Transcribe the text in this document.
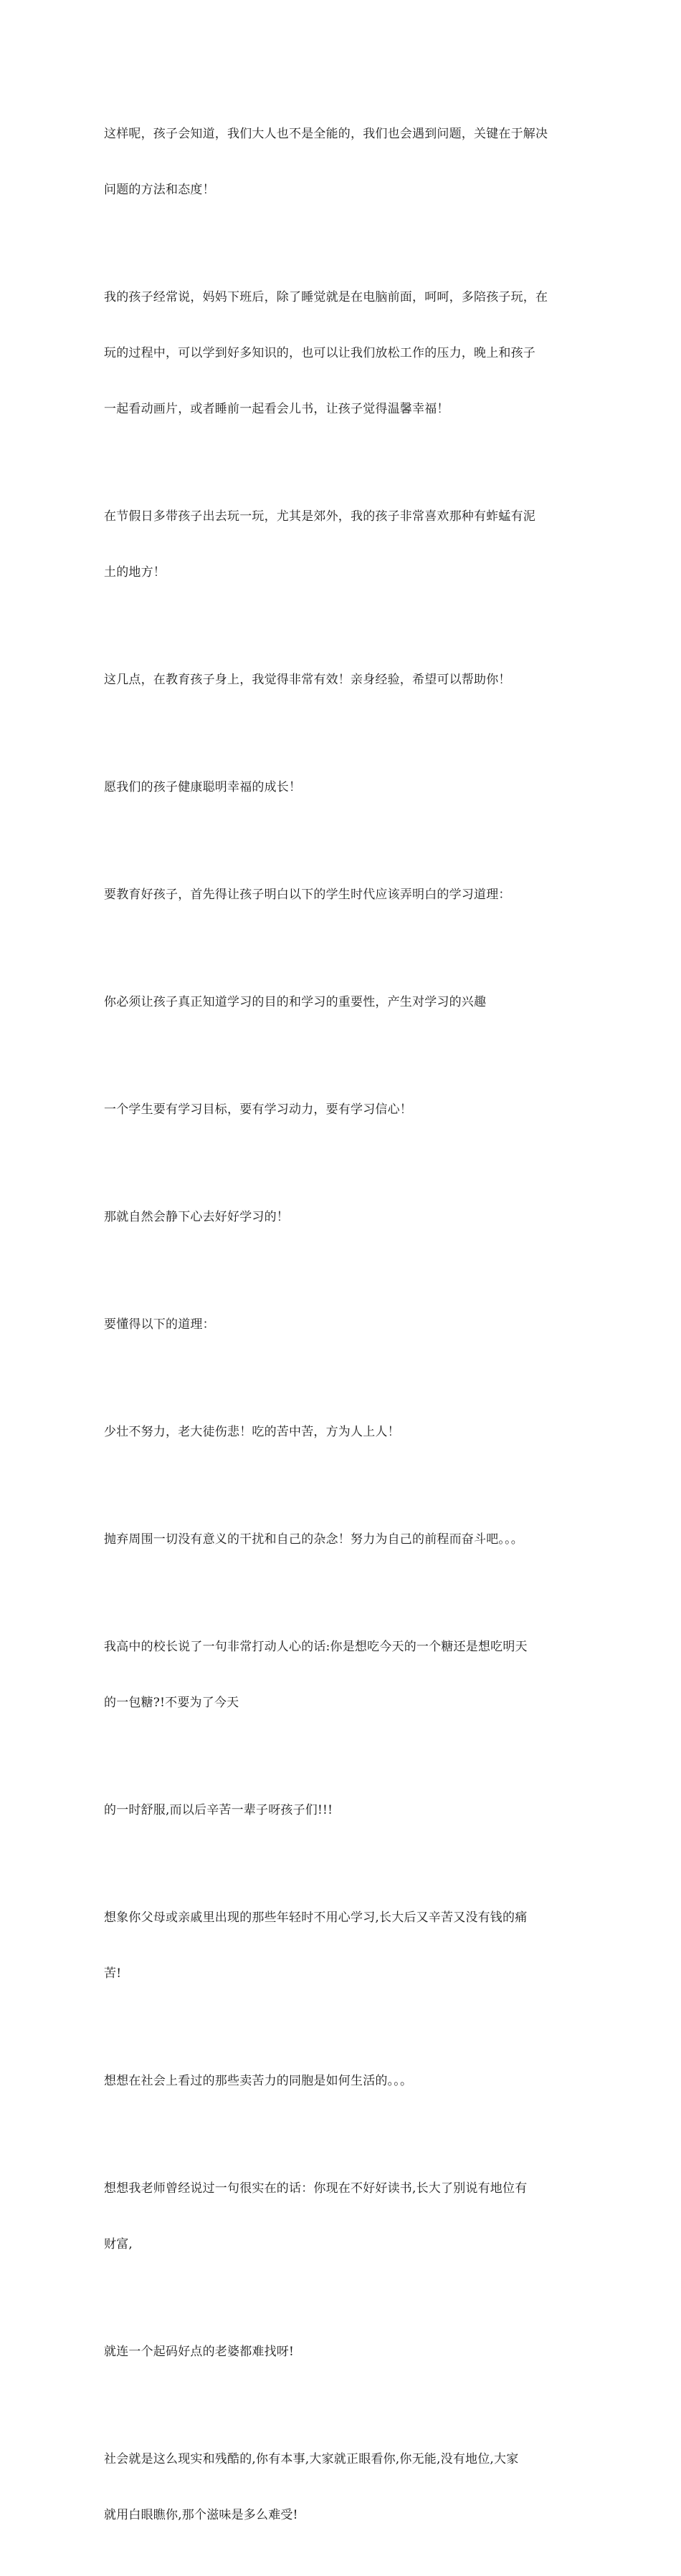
这样呢，孩子会知道，我们大人也不是全能的，我们也会遇到问题，关键在于解决

问题的方法和态度！

我的孩子经常说，妈妈下班后，除了睡觉就是在电脑前面，呵呵，多陪孩子玩，在

玩的过程中，可以学到好多知识的，也可以让我们放松工作的压力，晚上和孩子

一起看动画片，或者睡前一起看会儿书，让孩子觉得温馨幸福！

在节假日多带孩子出去玩一玩，尤其是郊外，我的孩子非常喜欢那种有蚱蜢有泥

土的地方！

这几点，在教育孩子身上，我觉得非常有效！亲身经验，希望可以帮助你！

愿我们的孩子健康聪明幸福的成长！

要教育好孩子，首先得让孩子明白以下的学生时代应该弄明白的学习道理：

你必须让孩子真正知道学习的目的和学习的重要性，产生对学习的兴趣

一个学生要有学习目标，要有学习动力，要有学习信心！

那就自然会静下心去好好学习的！

要懂得以下的道理：

少壮不努力，老大徒伤悲！吃的苦中苦，方为人上人！

抛弃周围一切没有意义的干扰和自己的杂念！努力为自己的前程而奋斗吧。。。

我高中的校长说了一句非常打动人心的话:你是想吃今天的一个糖还是想吃明天

的一包糖?!不要为了今天

的一时舒服,而以后辛苦一辈子呀孩子们!!!

想象你父母或亲戚里出现的那些年轻时不用心学习,长大后又辛苦又没有钱的痛

苦!

想想在社会上看过的那些卖苦力的同胞是如何生活的。。。

想想我老师曾经说过一句很实在的话：你现在不好好读书,长大了别说有地位有

财富,

就连一个起码好点的老婆都难找呀!

社会就是这么现实和残酷的,你有本事,大家就正眼看你,你无能,没有地位,大家

就用白眼瞧你,那个滋味是多么难受!
